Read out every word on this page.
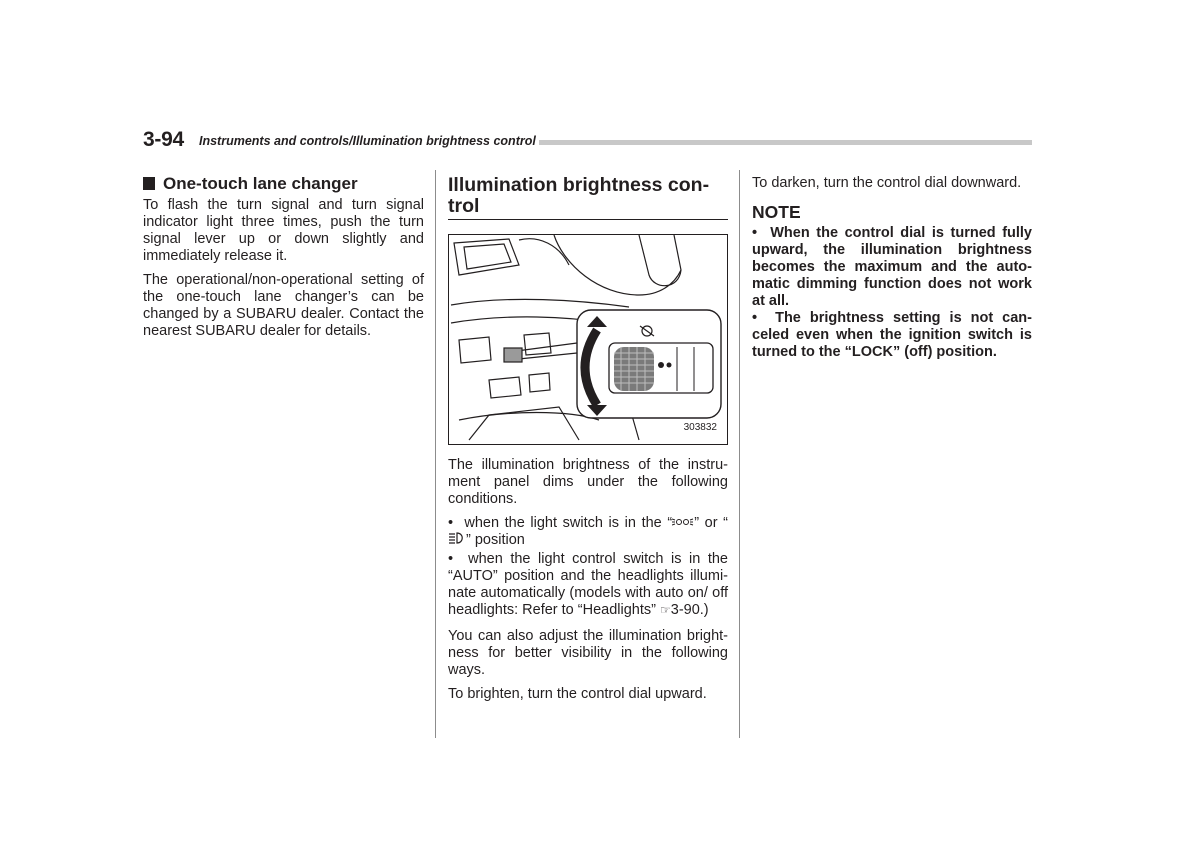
3-94 Instruments and controls/Illumination brightness control
One-touch lane changer

To flash the turn signal and turn signal indicator light three times, push the turn signal lever up or down slightly and immediately release it.

The operational/non-operational setting of the one-touch lane changer’s can be changed by a SUBARU dealer. Contact the nearest SUBARU dealer for details.

Illumination brightness con-trol
303832

The illumination brightness of the instru-ment panel dims under the following conditions.

• when the light switch is in the “ ” or “” position

• when the light control switch is in the “AUTO” position and the headlights illumi-nate automatically (models with auto on/ off headlights: Refer to “Headlights” ☞3-90.)

You can also adjust the illumination bright-ness for better visibility in the following ways.

To brighten, turn the control dial upward.

To darken, turn the control dial downward.

NOTE

• When the control dial is turned fully upward, the illumination brightness becomes the maximum and the auto-matic dimming function does not work at all.

• The brightness setting is not can-celed even when the ignition switch is turned to the “LOCK” (off) position.
